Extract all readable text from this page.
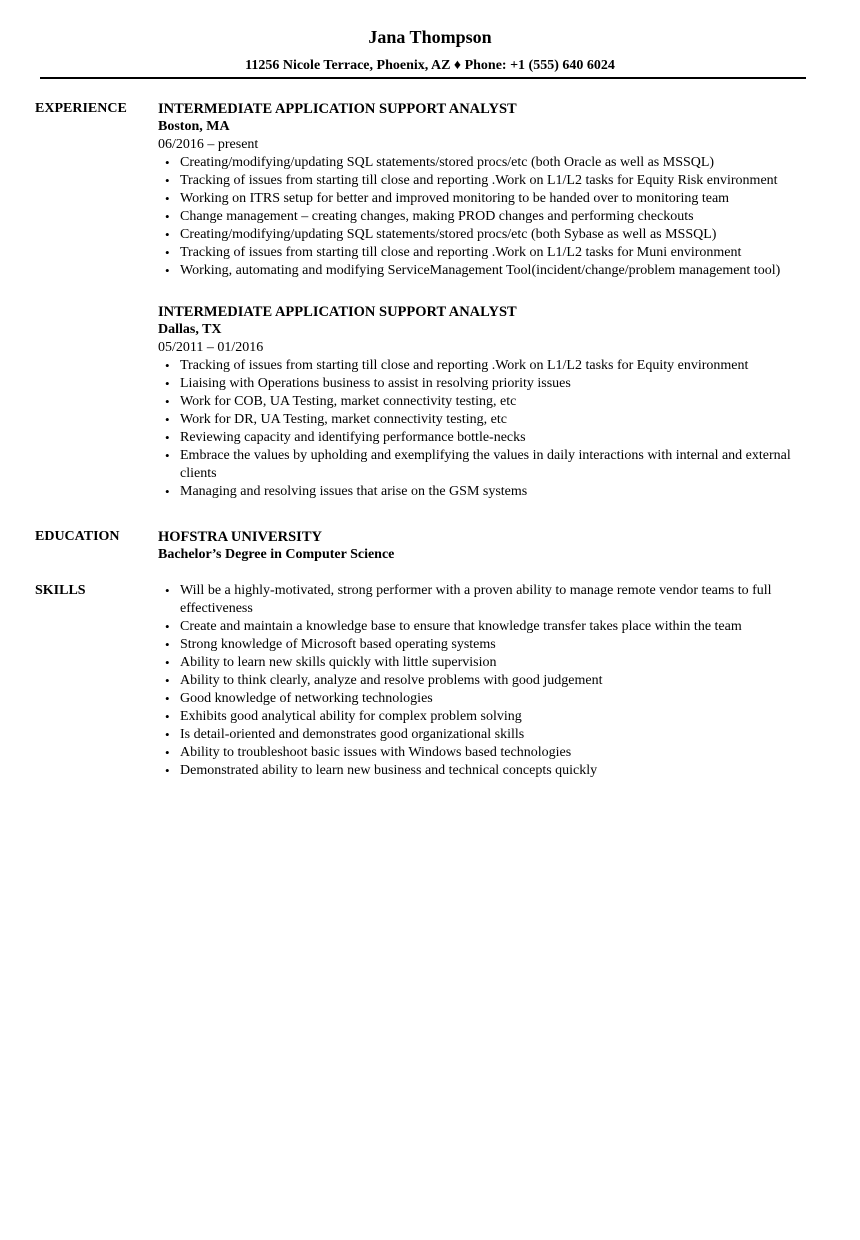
Jana Thompson
11256 Nicole Terrace, Phoenix, AZ ♦ Phone: +1 (555) 640 6024
EXPERIENCE INTERMEDIATE APPLICATION SUPPORT ANALYST
Boston, MA
06/2016 – present
• Creating/modifying/updating SQL statements/stored procs/etc (both Oracle as well as MSSQL)
• Tracking of issues from starting till close and reporting .Work on L1/L2 tasks for Equity Risk environment
• Working on ITRS setup for better and improved monitoring to be handed over to monitoring team
• Change management – creating changes, making PROD changes and performing checkouts
• Creating/modifying/updating SQL statements/stored procs/etc (both Sybase as well as MSSQL)
• Tracking of issues from starting till close and reporting .Work on L1/L2 tasks for Muni environment
• Working, automating and modifying ServiceManagement Tool(incident/change/problem management tool)
INTERMEDIATE APPLICATION SUPPORT ANALYST
Dallas, TX
05/2011 – 01/2016
• Tracking of issues from starting till close and reporting .Work on L1/L2 tasks for Equity environment
• Liaising with Operations business to assist in resolving priority issues
• Work for COB, UA Testing, market connectivity testing, etc
• Work for DR, UA Testing, market connectivity testing, etc
• Reviewing capacity and identifying performance bottle-necks
• Embrace the values by upholding and exemplifying the values in daily interactions with internal and external clients
• Managing and resolving issues that arise on the GSM systems
EDUCATION	HOFSTRA UNIVERSITY
Bachelor’s Degree in Computer Science
SKILLS
•	Will be a highly-motivated, strong performer with a proven ability to manage remote vendor teams to full effectiveness
• Create and maintain a knowledge base to ensure that knowledge transfer takes place within the team
• Strong knowledge of Microsoft based operating systems
• Ability to learn new skills quickly with little supervision
• Ability to think clearly, analyze and resolve problems with good judgement
• Good knowledge of networking technologies
• Exhibits good analytical ability for complex problem solving
• Is detail-oriented and demonstrates good organizational skills
• Ability to troubleshoot basic issues with Windows based technologies
• Demonstrated ability to learn new business and technical concepts quickly
